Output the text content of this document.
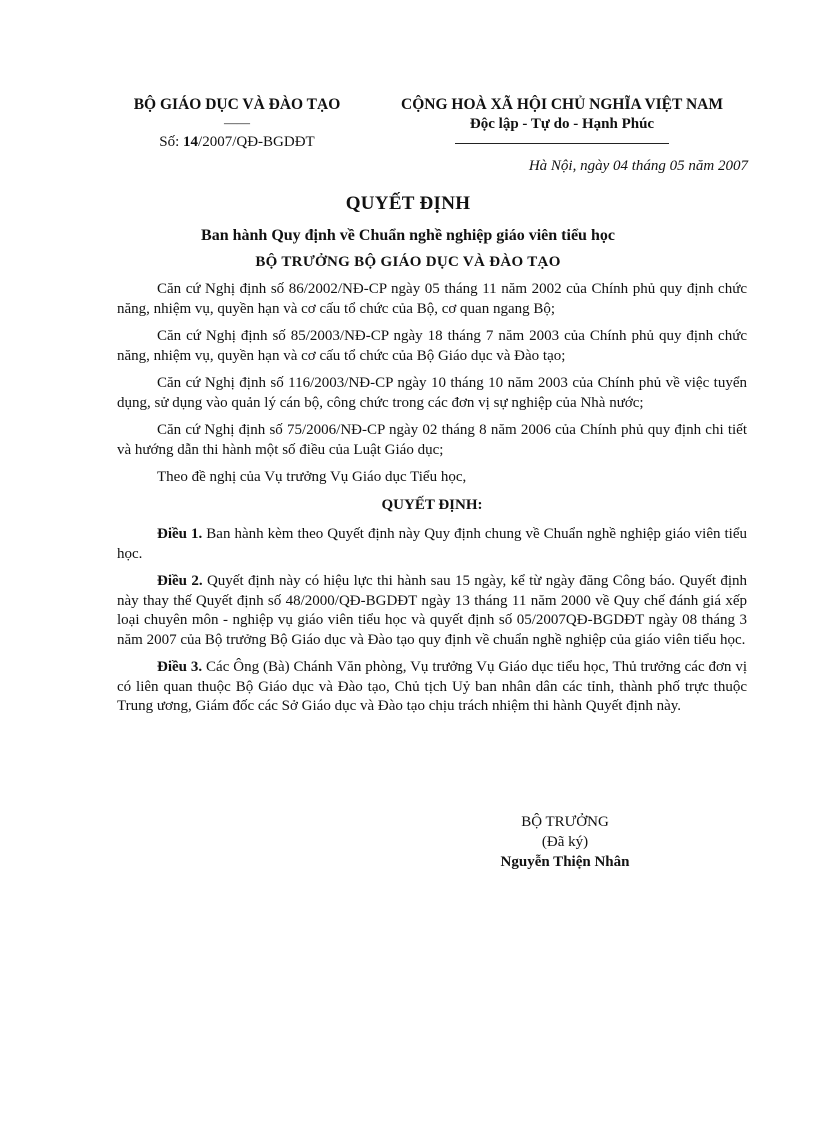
BỘ GIÁO DỤC VÀ ĐÀO TẠO
——
Số: 14/2007/QĐ-BGDĐT
CỘNG HOÀ XÃ HỘI CHỦ NGHĨA VIỆT NAM
Độc lập - Tự do - Hạnh Phúc
Hà Nội, ngày 04 tháng 05 năm 2007
QUYẾT ĐỊNH
Ban hành Quy định về Chuẩn nghề nghiệp giáo viên tiểu học
BỘ TRƯỞNG BỘ GIÁO DỤC VÀ ĐÀO TẠO

Căn cứ Nghị định số 86/2002/NĐ-CP ngày 05 tháng 11 năm 2002 của Chính phủ quy định chức năng, nhiệm vụ, quyền hạn và cơ cấu tổ chức của Bộ, cơ quan ngang Bộ;

Căn cứ Nghị định số 85/2003/NĐ-CP ngày 18 tháng 7 năm 2003 của Chính phủ quy định chức năng, nhiệm vụ, quyền hạn và cơ cấu tổ chức của Bộ Giáo dục và Đào tạo;

Căn cứ Nghị định số 116/2003/NĐ-CP ngày 10 tháng 10 năm 2003 của Chính phủ về việc tuyển dụng, sử dụng vào quản lý cán bộ, công chức trong các đơn vị sự nghiệp của Nhà nước;

Căn cứ Nghị định số 75/2006/NĐ-CP ngày 02 tháng 8 năm 2006 của Chính phủ quy định chi tiết và hướng dẫn thi hành một số điều của Luật Giáo dục;

Theo đề nghị của Vụ trưởng Vụ Giáo dục Tiểu học,

QUYẾT ĐỊNH:

Điều 1. Ban hành kèm theo Quyết định này Quy định chung về Chuẩn nghề nghiệp giáo viên tiểu học.

Điều 2. Quyết định này có hiệu lực thi hành sau 15 ngày, kể từ ngày đăng Công báo. Quyết định này thay thế Quyết định số 48/2000/QĐ-BGDĐT ngày 13 tháng 11 năm 2000 về Quy chế đánh giá xếp loại chuyên môn - nghiệp vụ giáo viên tiểu học và quyết định số 05/2007QĐ-BGDĐT ngày 08 tháng 3 năm 2007 của Bộ trưởng Bộ Giáo dục và Đào tạo quy định về chuẩn nghề nghiệp của giáo viên tiểu học.

Điều 3. Các Ông (Bà) Chánh Văn phòng, Vụ trưởng Vụ Giáo dục tiểu học, Thủ trưởng các đơn vị có liên quan thuộc Bộ Giáo dục và Đào tạo, Chủ tịch Uỷ ban nhân dân các tỉnh, thành phố trực thuộc Trung ương, Giám đốc các Sở Giáo dục và Đào tạo chịu trách nhiệm thi hành Quyết định này.

BỘ TRƯỞNG
(Đã ký)
Nguyễn Thiện Nhân
